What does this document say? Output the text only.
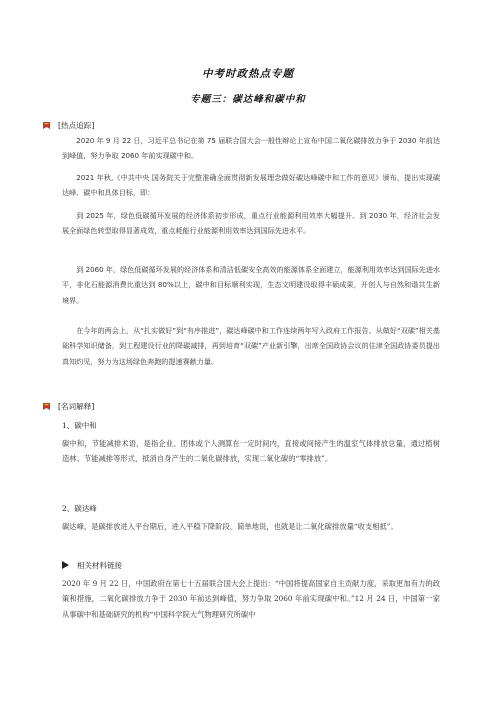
中考时政热点专题
专题三：碳达峰和碳中和
[热点追踪]
2020 年 9 月 22 日，习近平总书记在第 75 届联合国大会一般性辩论上宣布中国二氧化碳排放力争于 2030 年前达到峰值，努力争取 2060 年前实现碳中和。
2021 年秋,《中共中央 国务院关于完整准确全面贯彻新发展理念做好碳达峰碳中和工作的意见》颁布，提出实现碳达峰、碳中和具体目标，即：
到 2025 年，绿色低碳循环发展的经济体系初步形成，重点行业能源利用效率大幅提升。到 2030 年，经济社会发展全面绿色转型取得显著成效，重点耗能行业能源利用效率达到国际先进水平。
到 2060 年，绿色低碳循环发展的经济体系和清洁低碳安全高效的能源体系全面建立，能源利用效率达到国际先进水平，非化石能源消费比重达到 80%以上，碳中和目标顺利实现，生态文明建设取得丰硕成果，开创人与自然和谐共生新境界。
在今年的两会上，从“扎实做好”到“有序推进”，碳达峰碳中和工作连续两年写入政府工作报告。从做好“双碳”相关基础科学知识储备，到工程建设行业的降碳减排，再到培育“双碳”产业新引擎，出席全国政协会议的住津全国政协委员提出真知灼见，努力为这场绿色奔跑的提速赛献力量。
[名词解释]
1、碳中和
碳中和，节能减排术语，是指企业、团体或个人测算在一定时间内，直接或间接产生的温室气体排放总量，通过植树造林、节能减排等形式，抵消自身产生的二氧化碳排放，实现二氧化碳的“零排放”。
2、碳达峰
碳达峰，是碳排放进入平台期后，进入平稳下降阶段。简单地说，也就是让二氧化碳排放量“收支相抵”。
相关材料链接
2020 年 9 月 22 日，中国政府在第七十五届联合国大会上提出：“中国将提高国家自主贡献力度，采取更加有力的政策和措施，二氧化碳排放力争于 2030 年前达到峰值，努力争取 2060 年前实现碳中和。”12 月 24 日，中国第一家从事碳中和基础研究的机构“中国科学院大气物理研究所碳中
